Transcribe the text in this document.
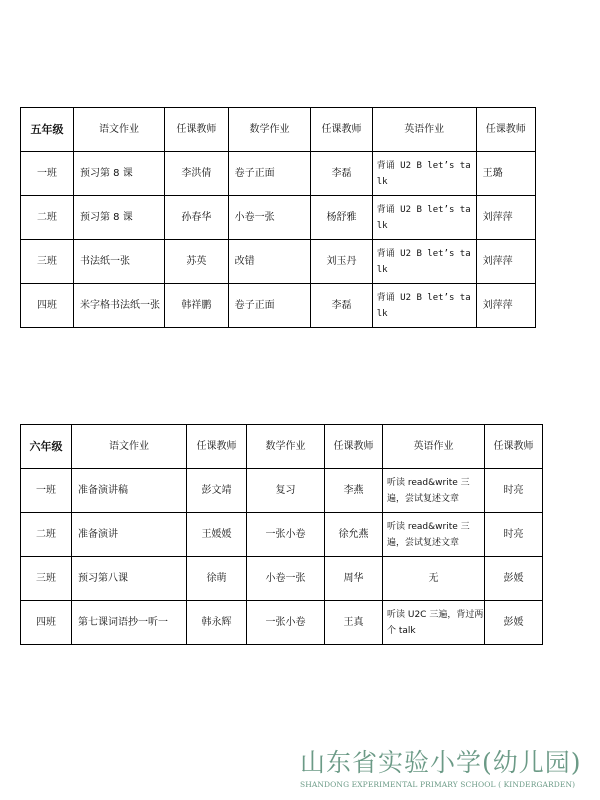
五年级	语文作业	任课教师	数学作业	任课教师	英语作业	任课教师
一班	预习第 8 课	李洪倩	卷子正面	李磊	背诵 U2 B let’s talk	王璐
二班	预习第 8 课	孙春华	小卷一张	杨舒雅	背诵 U2 B let’s talk	刘萍萍
三班	书法纸一张	苏英	改错	刘玉丹	背诵 U2 B let’s talk	刘萍萍
四班	米字格书法纸一张	韩祥鹏	卷子正面	李磊	背诵 U2 B let’s talk	刘萍萍
六年级	语文作业	任课教师	数学作业	任课教师	英语作业	任课教师
一班	准备演讲稿	彭文靖	复习	李燕	听读 read&write 三遍，尝试复述文章	时亮
二班	准备演讲	王媛媛	一张小卷	徐允燕	听读 read&write 三遍，尝试复述文章	时亮
三班	预习第八课	徐萌	小卷一张	周华	无	彭媛
四班	第七课词语抄一听一	韩永辉	一张小卷	王真	听读 U2C 三遍，背过两个 talk	彭媛
山东省实验小学(幼儿园)
SHANDONG EXPERIMENTAL PRIMARY SCHOOL ( KINDERGARDEN)
